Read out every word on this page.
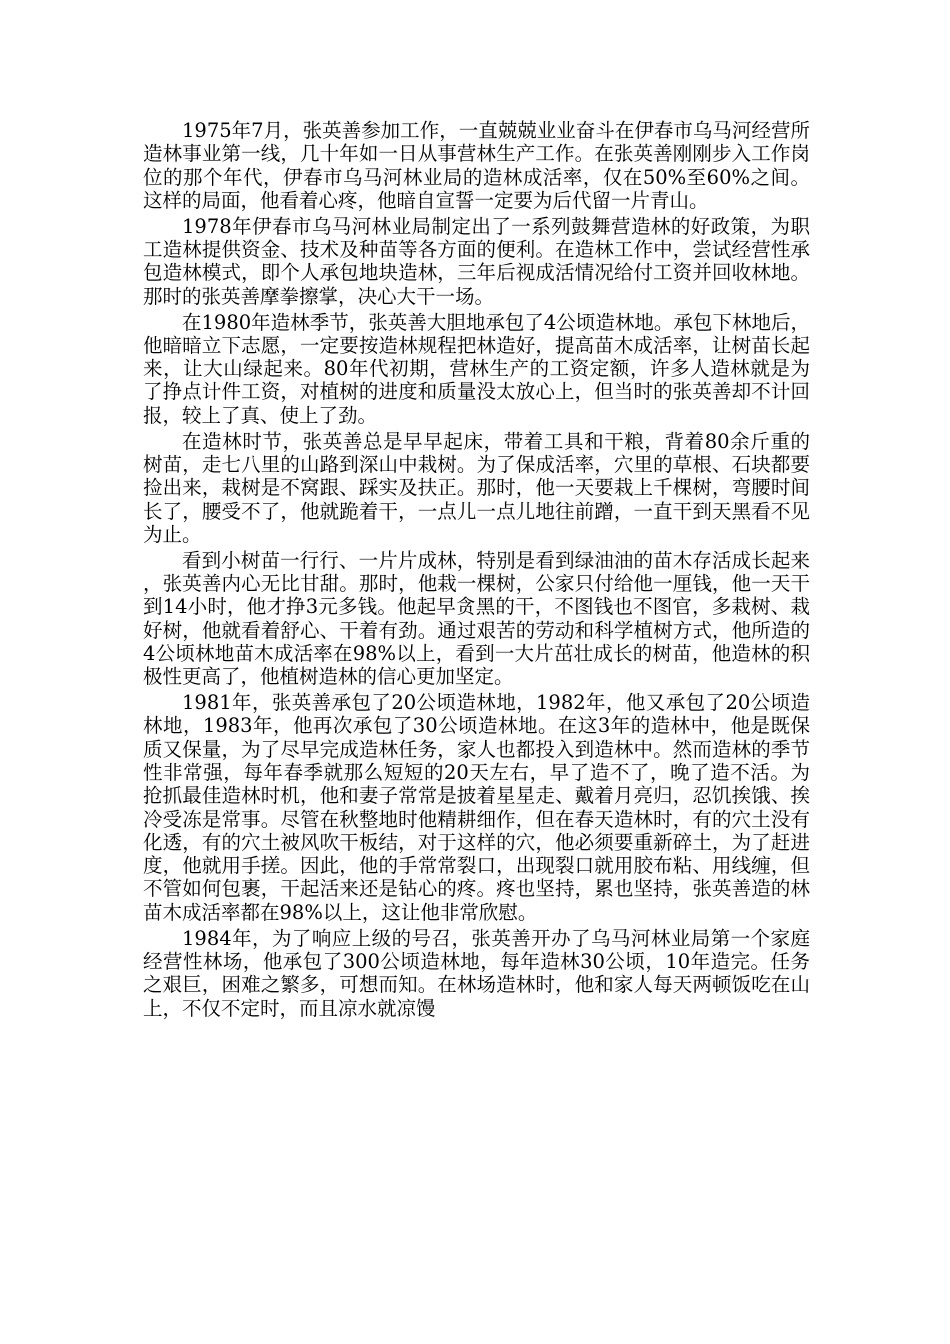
1975年7月，张英善参加工作，一直兢兢业业奋斗在伊春市乌马河经营所造林事业第一线，几十年如一日从事营林生产工作。在张英善刚刚步入工作岗位的那个年代，伊春市乌马河林业局的造林成活率，仅在50%至60%之间。这样的局面，他看着心疼，他暗自宣誓一定要为后代留一片青山。

1978年伊春市乌马河林业局制定出了一系列鼓舞营造林的好政策，为职工造林提供资金、技术及种苗等各方面的便利。在造林工作中，尝试经营性承包造林模式，即个人承包地块造林，三年后视成活情况给付工资并回收林地。那时的张英善摩拳擦掌，决心大干一场。

在1980年造林季节，张英善大胆地承包了4公顷造林地。承包下林地后，他暗暗立下志愿，一定要按造林规程把林造好，提高苗木成活率，让树苗长起来，让大山绿起来。80年代初期，营林生产的工资定额，许多人造林就是为了挣点计件工资，对植树的进度和质量没太放心上，但当时的张英善却不计回报，较上了真、使上了劲。

在造林时节，张英善总是早早起床，带着工具和干粮，背着80余斤重的树苗，走七八里的山路到深山中栽树。为了保成活率，穴里的草根、石块都要捡出来，栽树是不窝跟、踩实及扶正。那时，他一天要栽上千棵树，弯腰时间长了，腰受不了，他就跪着干，一点儿一点儿地往前蹭，一直干到天黑看不见为止。

看到小树苗一行行、一片片成林，特别是看到绿油油的苗木存活成长起来，张英善内心无比甘甜。那时，他栽一棵树，公家只付给他一厘钱，他一天干到14小时，他才挣3元多钱。他起早贪黑的干，不图钱也不图官，多栽树、栽好树，他就看着舒心、干着有劲。通过艰苦的劳动和科学植树方式，他所造的4公顷林地苗木成活率在98%以上，看到一大片茁壮成长的树苗，他造林的积极性更高了，他植树造林的信心更加坚定。

1981年，张英善承包了20公顷造林地，1982年，他又承包了20公顷造林地，1983年，他再次承包了30公顷造林地。在这3年的造林中，他是既保质又保量，为了尽早完成造林任务，家人也都投入到造林中。然而造林的季节性非常强，每年春季就那么短短的20天左右，早了造不了，晚了造不活。为抢抓最佳造林时机，他和妻子常常是披着星星走、戴着月亮归，忍饥挨饿、挨冷受冻是常事。尽管在秋整地时他精耕细作，但在春天造林时，有的穴土没有化透，有的穴土被风吹干板结，对于这样的穴，他必须要重新碎土，为了赶进度，他就用手搓。因此，他的手常常裂口，出现裂口就用胶布粘、用线缠，但不管如何包裹，干起活来还是钻心的疼。疼也坚持，累也坚持，张英善造的林苗木成活率都在98%以上，这让他非常欣慰。

1984年，为了响应上级的号召，张英善开办了乌马河林业局第一个家庭经营性林场，他承包了300公顷造林地，每年造林30公顷，10年造完。任务之艰巨，困难之繁多，可想而知。在林场造林时，他和家人每天两顿饭吃在山上，不仅不定时，而且凉水就凉馒
